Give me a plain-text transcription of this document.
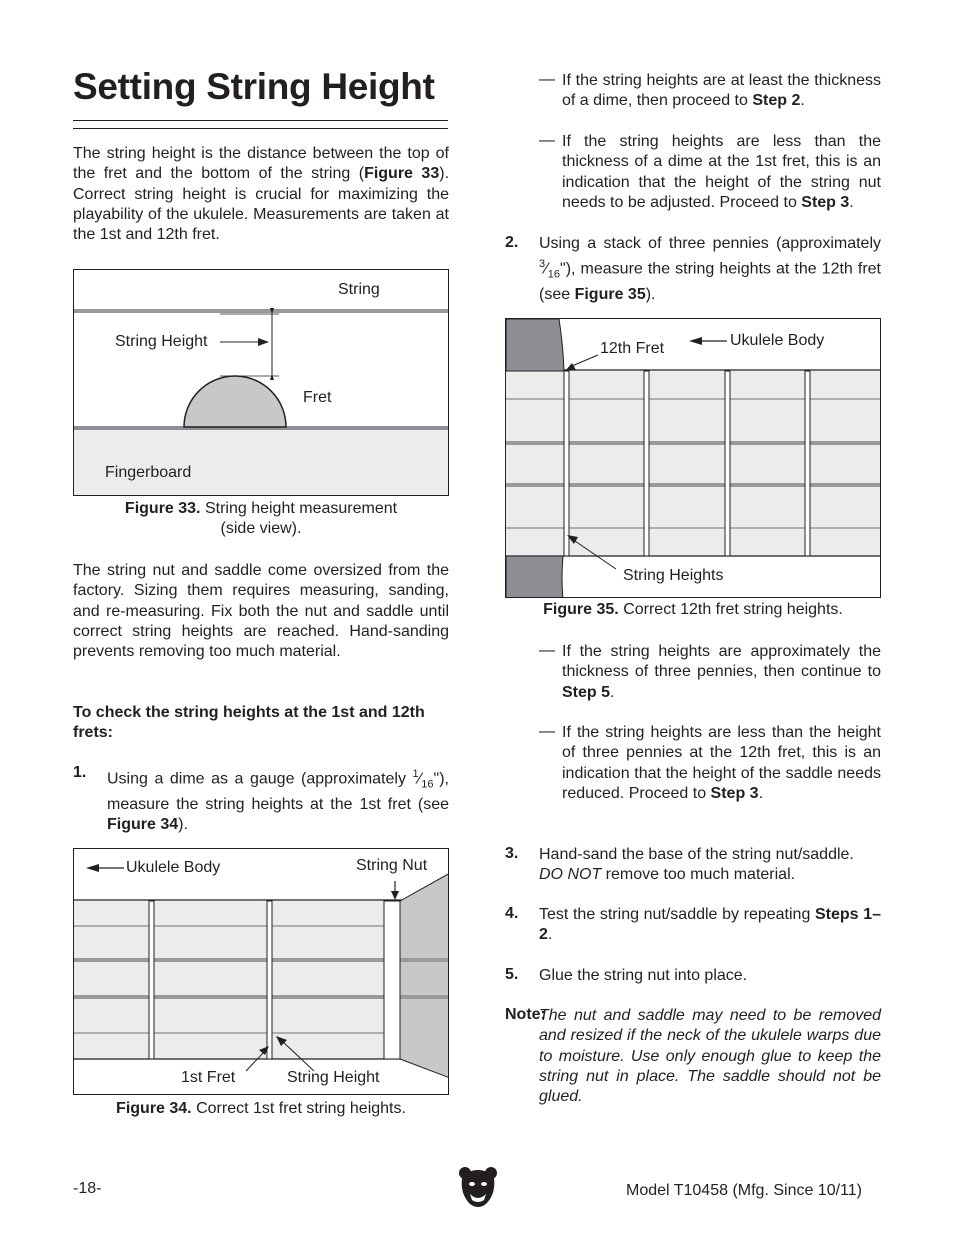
Setting String Height

The string height is the distance between the top of the fret and the bottom of the string (Figure 33). Correct string height is crucial for maximizing the playability of the ukulele. Measurements are taken at the 1st and 12th fret.

String
String Height
Fret
Fingerboard
Figure 33. String height measurement
(side view).

The string nut and saddle come oversized from the factory. Sizing them requires measuring, sanding, and re-measuring. Fix both the nut and saddle until correct string heights are reached. Hand-sanding prevents removing too much material.

To check the string heights at the 1st and 12th frets:

1. Using a dime as a gauge (approximately $^1⁄_{16}$"), measure the string heights at the 1st fret (see Figure 34).

Ukulele Body	String Nut
1st Fret	String Height
Figure 34. Correct 1st fret string heights.
— If the string heights are at least the thickness of a dime, then proceed to Step 2.

— If the string heights are less than the thickness of a dime at the 1st fret, this is an indication that the height of the string nut needs to be adjusted. Proceed to Step 3.

2. Using a stack of three pennies (approximately $^3⁄_{16}$"), measure the string heights at the 12th fret (see Figure 35).

12th Fret	Ukulele Body
String Heights
Figure 35. Correct 12th fret string heights.
— If the string heights are approximately the thickness of three pennies, then continue to Step 5.

— If the string heights are less than the height of three pennies at the 12th fret, this is an indication that the height of the saddle needs reduced. Proceed to Step 3.

3. Hand-sand the base of the string nut/saddle. DO NOT remove too much material.

4. Test the string nut/saddle by repeating Steps 1–2.

5. Glue the string nut into place.

Note:

The nut and saddle may need to be removed and resized if the neck of the ukulele warps due to moisture. Use only enough glue to keep the string nut in place. The saddle should not be glued.

-18-	Model T10458 (Mfg. Since 10/11)
